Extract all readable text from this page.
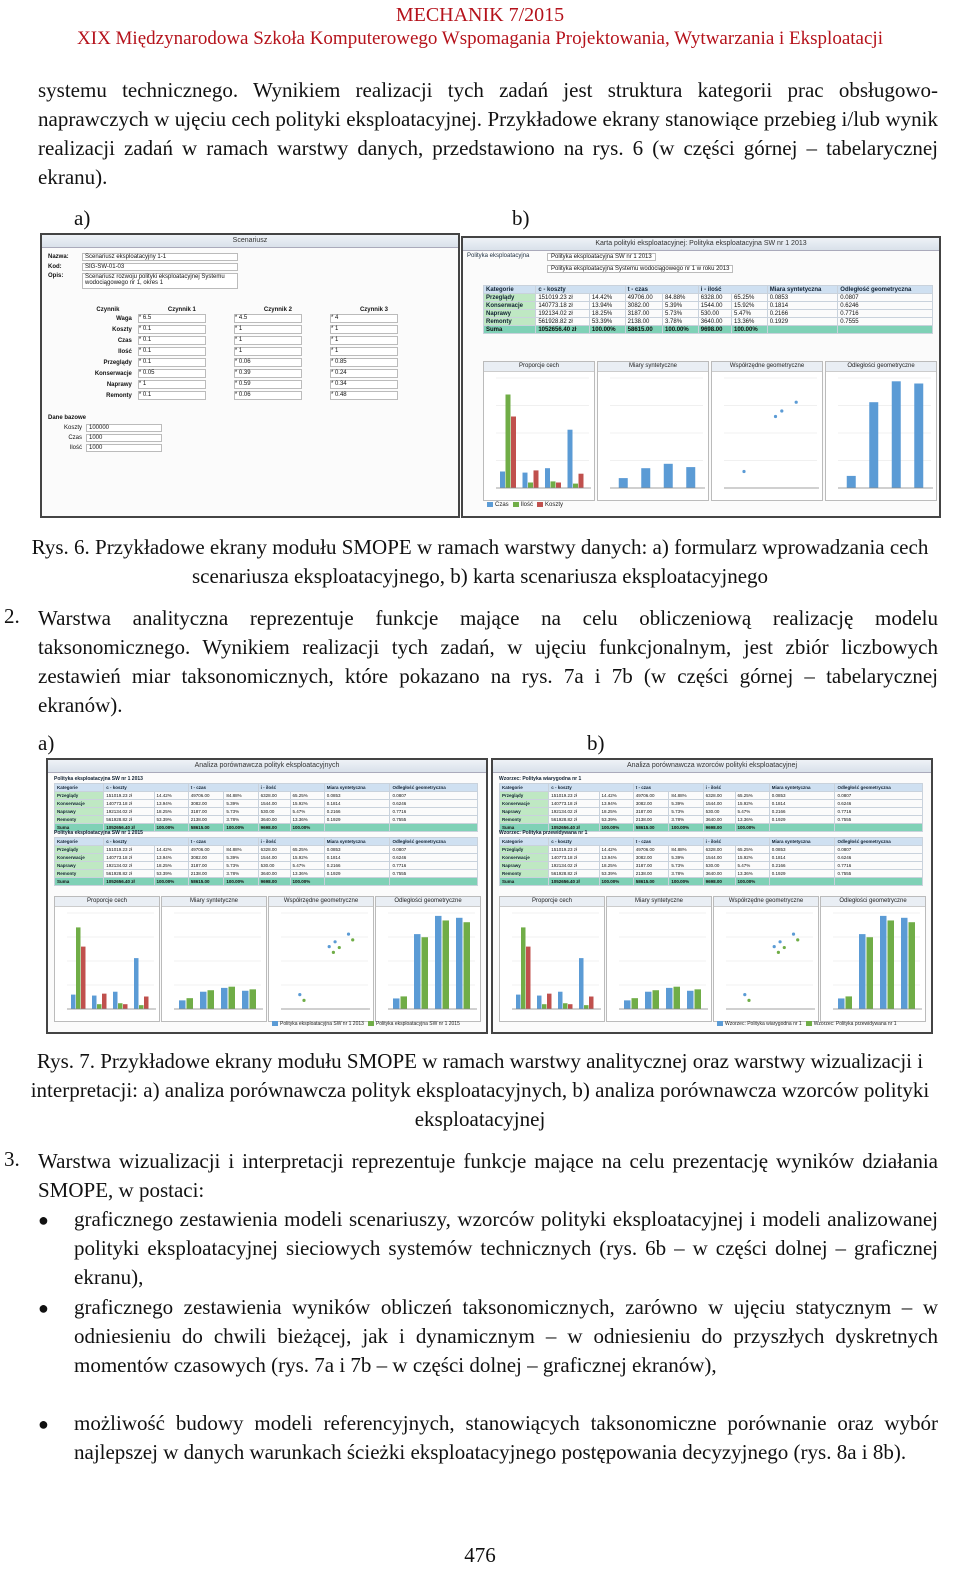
MECHANIK 7/2015
XIX Międzynarodowa Szkoła Komputerowego Wspomagania Projektowania, Wytwarzania i Eksploatacji
systemu technicznego. Wynikiem realizacji tych zadań jest struktura kategorii prac obsługowo-naprawczych w ujęciu cech polityki eksploatacyjnej. Przykładowe ekrany stanowiące przebieg i/lub wynik realizacji zadań w ramach warstwy danych, przedstawiono na rys. 6 (w części górnej – tabelarycznej ekranu).
a)	b)
Scenariusz
Nazwa:	Scenariusz eksploatacyjny 1-1
Kod:	SIG-SW-01-03
Opis:	Scenariusz rozwoju polityki eksploatacyjnej Systemu wodociągowego nr 1, okres 1
Czynnik	Czynnik 1	Czynnik 2	Czynnik 3
Waga	* 6.5	* 4.5	* 4
Koszty	* 0.1	* 1	* 1
Czas	* 0.1	* 1	* 1
Ilość	* 0.1	* 1	* 1
Przeglądy	* 0.1	* 0.06	* 0.85
Konserwacje	* 0.05	* 0.39	* 0.24
Naprawy	* 1	* 0.59	* 0.34
Remonty	* 0.1	* 0.06	* 0.48
Dane bazowe
Koszty 100000
Czas 1000
Ilość 1000
Karta polityki eksploatacyjnej: Polityka eksploatacyjna SW nr 1 2013
Polityka eksploatacyjna	Polityka eksploatacyjna SW nr 1 2013
Polityka eksploatacyjna Systemu wodociągowego nr 1 w roku 2013
Kategorie	c - koszty		t - czas		i - ilość		Miara syntetyczna	Odległość geometryczna
Przeglądy	151019.23 zł	14.42%	49706.00	84.88%	6328.00	65.25%	0.0853	0.0807
Konserwacje	140773.18 zł	13.94%	3082.00	5.39%	1544.00	15.92%	0.1814	0.6246
Naprawy	192134.02 zł	18.25%	3187.00	5.73%	530.00	5.47%	0.2166	0.7716
Remonty	561928.82 zł	53.39%	2138.00	3.78%	3640.00	13.36%	0.1929	0.7555
Suma	1052656.40 zł	100.00%	58615.00	100.00%	9698.00	100.00%		
Proporcje cech	Miary syntetyczne	Współrzędne geometryczne	Odległości geometryczne
Czas Ilość Koszty
Rys. 6. Przykładowe ekrany modułu SMOPE w ramach warstwy danych: a) formularz wprowadzania cech scenariusza eksploatacyjnego, b) karta scenariusza eksploatacyjnego
2. Warstwa analityczna reprezentuje funkcje mające na celu obliczeniową realizację modelu taksonomicznego. Wynikiem realizacji tych zadań, w ujęciu funkcjonalnym, jest zbiór liczbowych zestawień miar taksonomicznych, które pokazano na rys. 7a i 7b (w części górnej – tabelarycznej ekranów).
a)	b)
Analiza porównawcza polityk eksploatacyjnych
Polityka eksploatacyjna SW nr 1 2013
Kategorie	c - koszty		t - czas		i - ilość		Miara syntetyczna	Odległość geometryczna
Przeglądy	151019.23 zł	14.42%	49706.00	84.88%	6328.00	65.25%	0.0853	0.0807
Konserwacje	140773.18 zł	13.94%	3082.00	5.39%	1544.00	15.92%	0.1814	0.6246
Naprawy	192134.02 zł	18.25%	3187.00	5.73%	530.00	5.47%	0.2166	0.7716
Remonty	561928.82 zł	53.39%	2138.00	3.78%	3640.00	13.36%	0.1929	0.7555
Suma	1052656.40 zł	100.00%	58615.00	100.00%	9698.00	100.00%		
Polityka eksploatacyjna SW nr 1 2015
Kategorie	c - koszty		t - czas		i - ilość		Miara syntetyczna	Odległość geometryczna
Przeglądy	151019.23 zł	14.42%	49706.00	84.88%	6328.00	65.25%	0.0853	0.0807
Konserwacje	140773.18 zł	13.94%	3082.00	5.39%	1544.00	15.92%	0.1814	0.6246
Naprawy	192134.02 zł	18.25%	3187.00	5.73%	530.00	5.47%	0.2166	0.7716
Remonty	561928.82 zł	53.39%	2138.00	3.78%	3640.00	13.36%	0.1929	0.7555
Suma	1052656.40 zł	100.00%	58615.00	100.00%	9698.00	100.00%		
Proporcje cech	Miary syntetyczne	Współrzędne geometryczne	Odległości geometryczne
Polityka eksploatacyjna SW nr 1 2013 Polityka eksploatacyjna SW nr 1 2015
Analiza porównawcza wzorców polityki eksploatacyjnej
Wzorzec: Polityka wiarygodna nr 1
Kategorie	c - koszty		t - czas		i - ilość		Miara syntetyczna	Odległość geometryczna
Przeglądy	151019.23 zł	14.42%	49706.00	84.88%	6328.00	65.25%	0.0853	0.0807
Konserwacje	140773.18 zł	13.94%	3082.00	5.39%	1544.00	15.92%	0.1814	0.6246
Naprawy	192134.02 zł	18.25%	3187.00	5.73%	530.00	5.47%	0.2166	0.7716
Remonty	561928.82 zł	53.39%	2138.00	3.78%	3640.00	13.36%	0.1929	0.7555
Suma	1052656.40 zł	100.00%	58615.00	100.00%	9698.00	100.00%		
Wzorzec: Polityka przewidywana nr 1
Kategorie	c - koszty		t - czas		i - ilość		Miara syntetyczna	Odległość geometryczna
Przeglądy	151019.23 zł	14.42%	49706.00	84.88%	6328.00	65.25%	0.0853	0.0807
Konserwacje	140773.18 zł	13.94%	3082.00	5.39%	1544.00	15.92%	0.1814	0.6246
Naprawy	192134.02 zł	18.25%	3187.00	5.73%	530.00	5.47%	0.2166	0.7716
Remonty	561928.82 zł	53.39%	2138.00	3.78%	3640.00	13.36%	0.1929	0.7555
Suma	1052656.40 zł	100.00%	58615.00	100.00%	9698.00	100.00%		
Proporcje cech	Miary syntetyczne	Współrzędne geometryczne	Odległości geometryczne
Wzorzec: Polityka wiarygodna nr 1 Wzorzec: Polityka przewidywana nr 1
Rys. 7. Przykładowe ekrany modułu SMOPE w ramach warstwy analitycznej oraz warstwy wizualizacji i interpretacji: a) analiza porównawcza polityk eksploatacyjnych, b) analiza porównawcza wzorców polityki eksploatacyjnej
3. Warstwa wizualizacji i interpretacji reprezentuje funkcje mające na celu prezentację wyników działania SMOPE, w postaci:
● graficznego zestawienia modeli scenariuszy, wzorców polityki eksploatacyjnej i modeli analizowanej polityki eksploatacyjnej sieciowych systemów technicznych (rys. 6b – w części dolnej – graficznej ekranu),
● graficznego zestawienia wyników obliczeń taksonomicznych, zarówno w ujęciu statycznym – w odniesieniu do chwili bieżącej, jak i dynamicznym – w odniesieniu do przyszłych dyskretnych momentów czasowych (rys. 7a i 7b – w części dolnej – graficznej ekranów),
● możliwość budowy modeli referencyjnych, stanowiących taksonomiczne porównanie oraz wybór najlepszej w danych warunkach ścieżki eksploatacyjnego postępowania decyzyjnego (rys. 8a i 8b).
476
